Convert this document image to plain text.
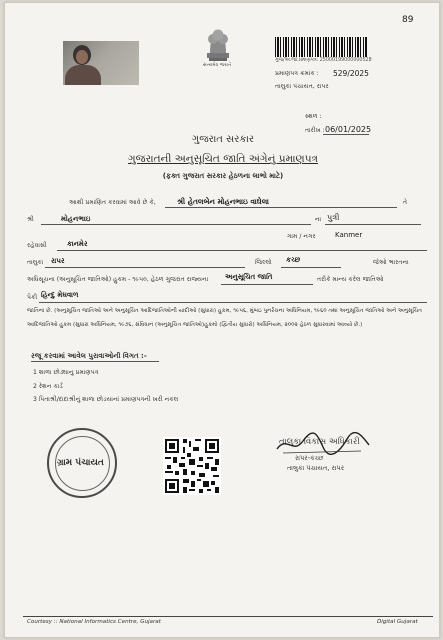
89
સત્યમેવ જયતે
ગુજ/અ.જા.પ્રમાણપત્ર: 25000199000000528
પ્રમાણપત્ર ક્રમાંક : 529/2025
તાલુકા પંચાયત, રાપર
સ્થળ :
તારીખ : 06/01/2025
ગુજરાત સરકાર
ગુજરાતની અનુસૂચિત જાતિ અંગેનું પ્રમાણપત્ર
(ફક્ત ગુજરાત સરકાર હેઠળના લાભો માટે)
આથી પ્રમાણિત કરવામાં આવે છે કે,	શ્રી હેતલબેન મોહનભાઇ વાઘેલા	તે
શ્રી	મોહનભાઇ	ના પુત્રી
ગામ / નગર	Kanmer
રહેવાસી	કાનમેર
તાલુકા રાપર	જિલ્લો કચ્છ	જેઓ ભારતના
અધિસૂચના (અનુસૂચિત જાતિઓ) હુકમ - ૧૯૫૦, હેઠળ ગુજરાત રાજ્યના અનુસૂચિત જાતિ	તરીકે માન્ય કરેલ જાતિઓ
પૈકી હિન્દુ મેઘવાળ
જાતિના છે. (અનુસૂચિત જાતિઓ અને અનુસૂચિત આદિજાતિઓની યાદીઓ (સુધારા) હુકમ, ૧૯૫૬, મુંબઇ પુનર્રચના અધિનિયમ, ૧૯૬૦ તથા અનુસૂચિત જાતિઓ અને અનુસૂચિત આદિજાતિઓ હુકમ (સુધારા અધિનિયમ, ૧૯૭૬, સંવિધાન (અનુસૂચિત જાતિઓ)હુકમો (દ્વિતીય સુધારો) અધિનિયમ, ૨૦૦૨ હેઠળ સુધારવામાં આવ્યો છે.)
રજૂ કરવામાં આવેલ પુરાવાઓની વિગત :-
1 શાળા છોડ્યાનુ પ્રમાણપત્ર
2 રેશન કાર્ડ
3 પિતાશ્રી/દાદાશ્રીનું શાળા છોડયાનાં પ્રમાણપત્રની ખરી નકલ
ગ્રામ પંચાયત
તાલુકા વિકાસ અધિકારી
રાપર-કચ્છ
તાલુકા પંચાયત, રાપર
Courtesy :: National Informatics Centre, Gujarat	Digital Gujarat
